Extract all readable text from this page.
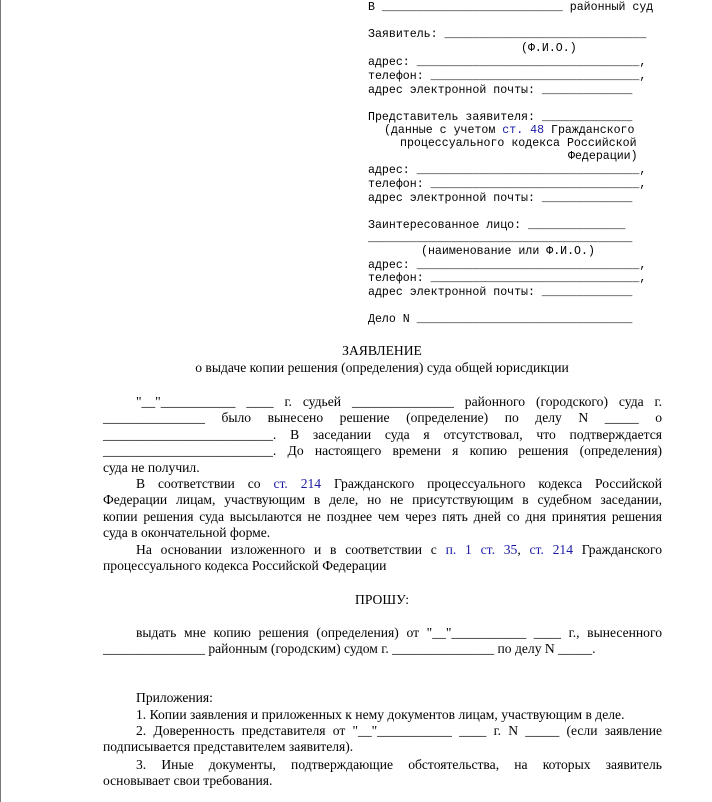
В __________________________ районный суд
Заявитель: _____________________________
(Ф.И.О.)
адрес: ________________________________,
телефон: ______________________________,
адрес электронной почты: _____________
Представитель заявителя: _____________
(данные с учетом ст. 48 Гражданского
процессуального кодекса Российской
Федерации)
адрес: ________________________________,
телефон: ______________________________,
адрес электронной почты: _____________
Заинтересованное лицо: ______________
______________________________________
(наименование или Ф.И.О.)
адрес: ________________________________,
телефон: ______________________________,
адрес электронной почты: _____________
Дело N _______________________________
ЗАЯВЛЕНИЕ
о выдаче копии решения (определения) суда общей юрисдикции
"__"___________ ____ г. судьей _______________ районного (городского) суда г.
_______________ было вынесено решение (определение) по делу N _____ о
_________________________. В заседании суда я отсутствовал, что подтверждается
_________________________. До настоящего времени я копию решения (определения)
суда не получил.
В соответствии со ст. 214 Гражданского процессуального кодекса Российской
Федерации лицам, участвующим в деле, но не присутствующим в судебном заседании,
копии решения суда высылаются не позднее чем через пять дней со дня принятия решения
суда в окончательной форме.
На основании изложенного и в соответствии с п. 1 ст. 35, ст. 214 Гражданского
процессуального кодекса Российской Федерации
ПРОШУ:
выдать мне копию решения (определения) от "__"___________ ____ г., вынесенного
_______________ районным (городским) судом г. _______________ по делу N _____.
Приложения:
1. Копии заявления и приложенных к нему документов лицам, участвующим в деле.
2. Доверенность представителя от "__"___________ ____ г. N _____ (если заявление
подписывается представителем заявителя).
3. Иные документы, подтверждающие обстоятельства, на которых заявитель
основывает свои требования.
